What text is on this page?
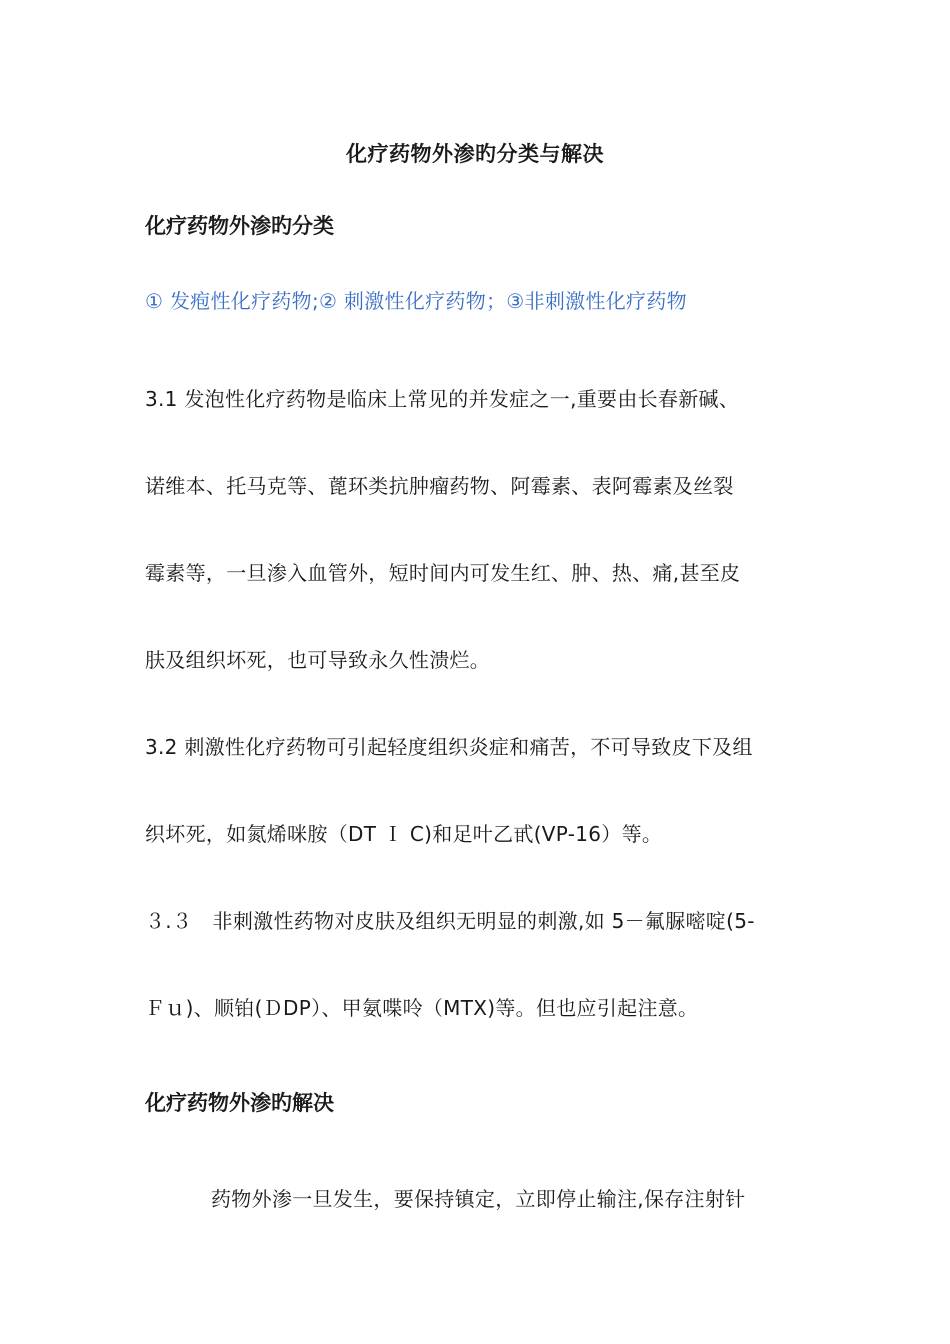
化疗药物外渗旳分类与解决
化疗药物外渗旳分类
① 发疱性化疗药物;② 刺激性化疗药物；③非刺激性化疗药物
3.1 发泡性化疗药物是临床上常见的并发症之一,重要由长春新碱、
诺维本、托马克等、蓖环类抗肿瘤药物、阿霉素、表阿霉素及丝裂
霉素等，一旦渗入血管外，短时间内可发生红、肿、热、痛,甚至皮
肤及组织坏死，也可导致永久性溃烂。
3.2 刺激性化疗药物可引起轻度组织炎症和痛苦，不可导致皮下及组
织坏死，如氮烯咪胺（DT Ｉ C)和足叶乙甙(VP-16）等。
３.３　非刺激性药物对皮肤及组织无明显的刺激,如 5－氟脲嘧啶(5-
Ｆｕ)、顺铂(ＤDP）、甲氨喋呤（MTX)等。但也应引起注意。
化疗药物外渗旳解决
药物外渗一旦发生，要保持镇定，立即停止输注,保存注射针
